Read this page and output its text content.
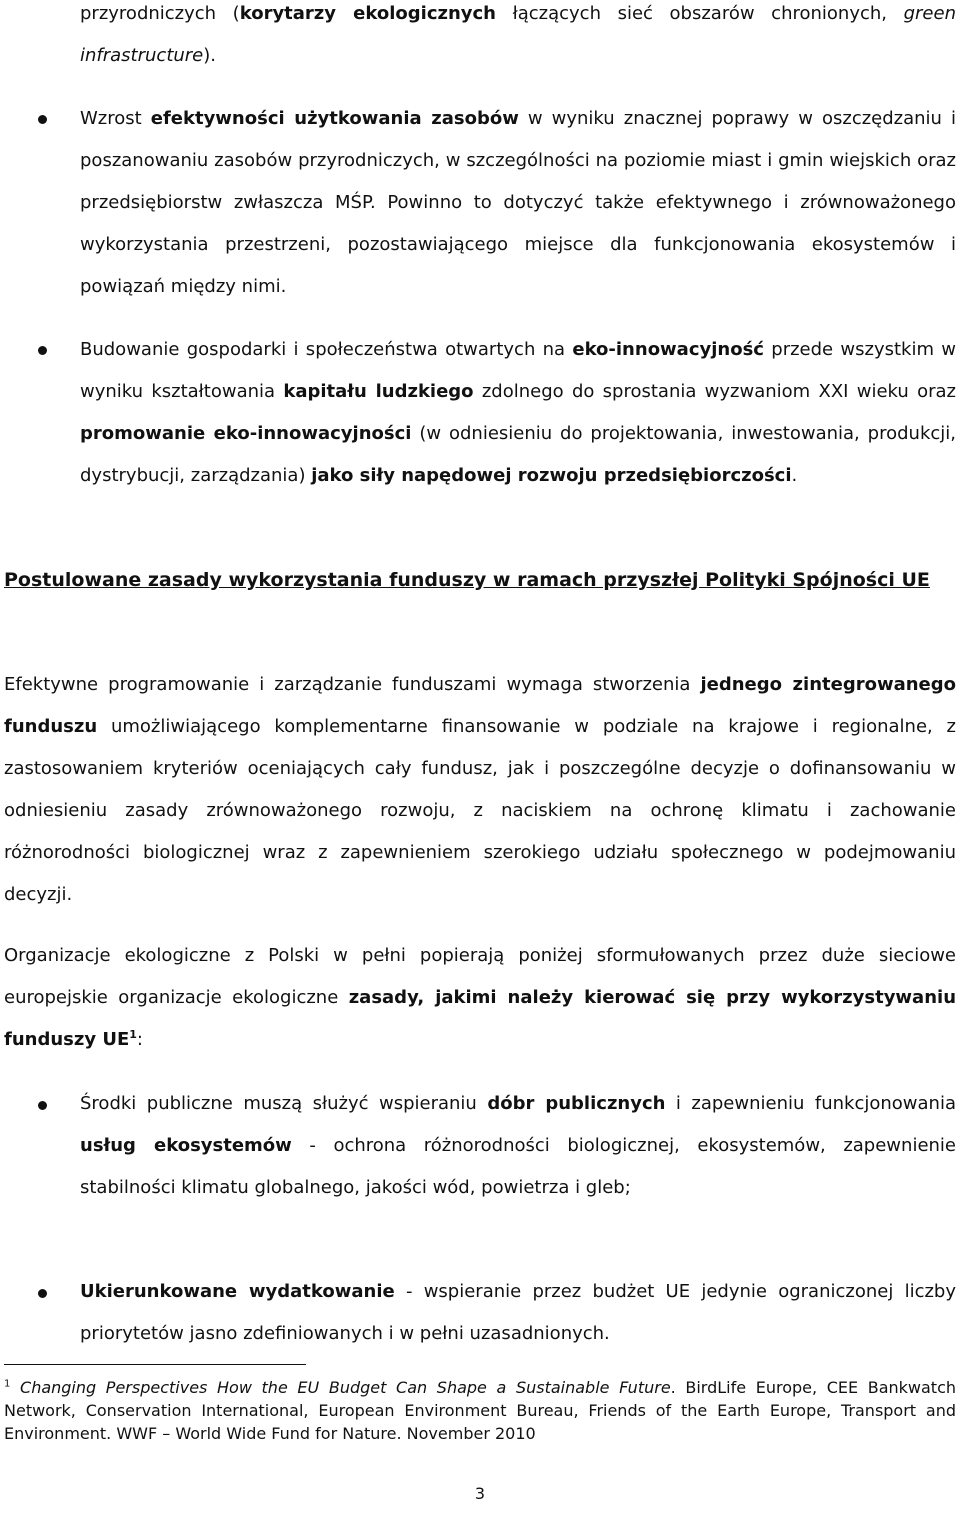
przyrodniczych (korytarzy ekologicznych łączących sieć obszarów chronionych, green infrastructure).

Wzrost efektywności użytkowania zasobów w wyniku znacznej poprawy w oszczędzaniu i poszanowaniu zasobów przyrodniczych, w szczególności na poziomie miast i gmin wiejskich oraz przedsiębiorstw zwłaszcza MŚP. Powinno to dotyczyć także efektywnego i zrównoważonego wykorzystania przestrzeni, pozostawiającego miejsce dla funkcjonowania ekosystemów i powiązań między nimi.

Budowanie gospodarki i społeczeństwa otwartych na eko-innowacyjność przede wszystkim w wyniku kształtowania kapitału ludzkiego zdolnego do sprostania wyzwaniom XXI wieku oraz promowanie eko-innowacyjności (w odniesieniu do projektowania, inwestowania, produkcji, dystrybucji, zarządzania) jako siły napędowej rozwoju przedsiębiorczości.

Postulowane zasady wykorzystania funduszy w ramach przyszłej Polityki Spójności UE

Efektywne programowanie i zarządzanie funduszami wymaga stworzenia jednego zintegrowanego funduszu umożliwiającego komplementarne finansowanie w podziale na krajowe i regionalne, z zastosowaniem kryteriów oceniających cały fundusz, jak i poszczególne decyzje o dofinansowaniu w odniesieniu zasady zrównoważonego rozwoju, z naciskiem na ochronę klimatu i zachowanie różnorodności biologicznej wraz z zapewnieniem szerokiego udziału społecznego w podejmowaniu decyzji.

Organizacje ekologiczne z Polski w pełni popierają poniżej sformułowanych przez duże sieciowe europejskie organizacje ekologiczne zasady, jakimi należy kierować się przy wykorzystywaniu funduszy $UE^1$:

Środki publiczne muszą służyć wspieraniu dóbr publicznych i zapewnieniu funkcjonowania usług ekosystemów - ochrona różnorodności biologicznej, ekosystemów, zapewnienie stabilności klimatu globalnego, jakości wód, powietrza i gleb;

Ukierunkowane wydatkowanie - wspieranie przez budżet UE jedynie ograniczonej liczby priorytetów jasno zdefiniowanych i w pełni uzasadnionych.

$^1$ Changing Perspectives How the EU Budget Can Shape a Sustainable Future. BirdLife Europe, CEE Bankwatch Network, Conservation International, European Environment Bureau, Friends of the Earth Europe, Transport and Environment. WWF – World Wide Fund for Nature. November 2010

3
